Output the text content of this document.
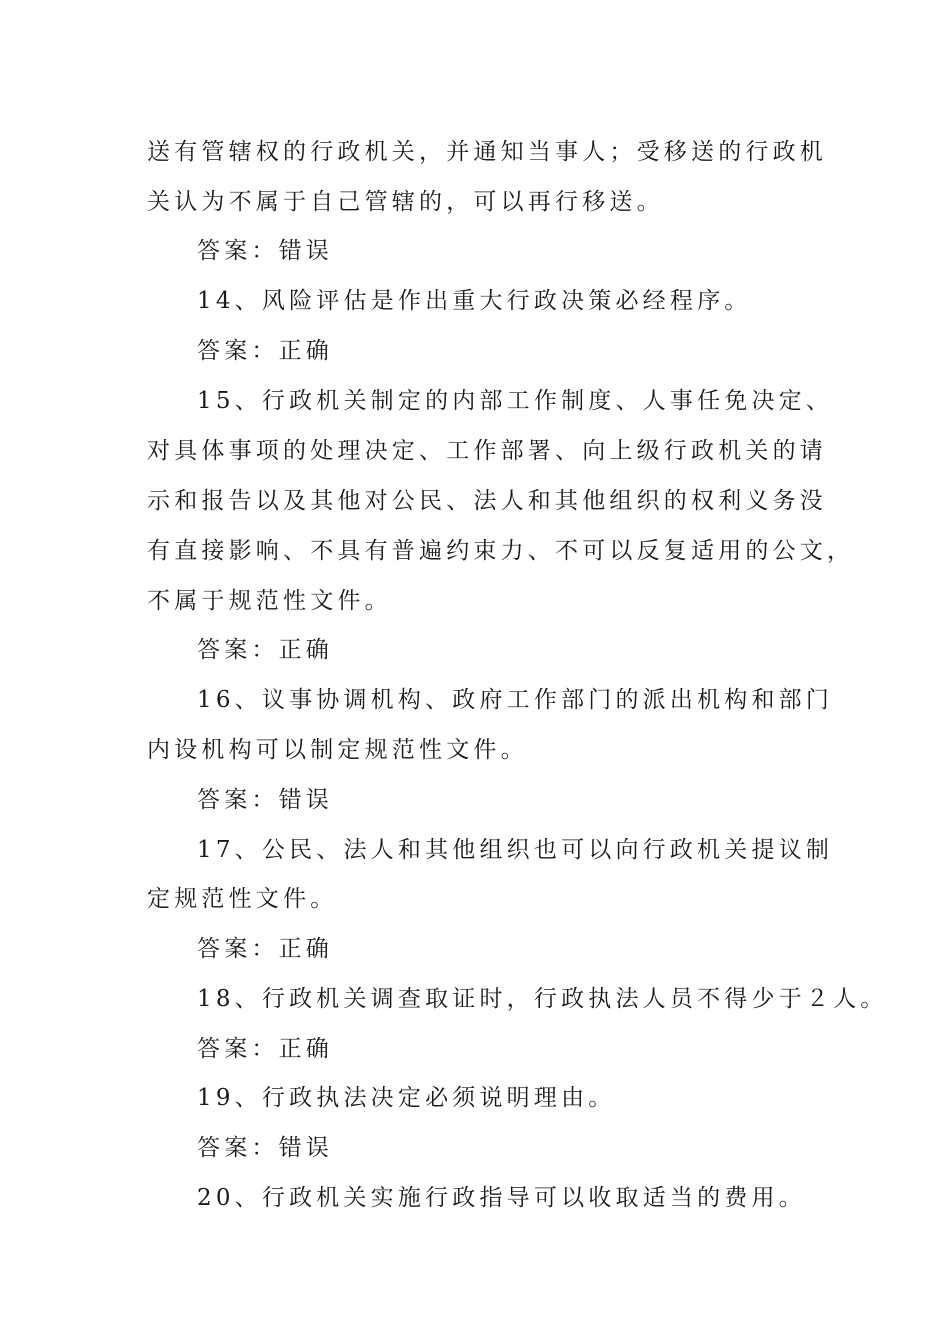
送有管辖权的行政机关，并通知当事人；受移送的行政机
关认为不属于自己管辖的，可以再行移送。
答案：错误
14、风险评估是作出重大行政决策必经程序。
答案：正确
15、行政机关制定的内部工作制度、人事任免决定、
对具体事项的处理决定、工作部署、向上级行政机关的请
示和报告以及其他对公民、法人和其他组织的权利义务没
有直接影响、不具有普遍约束力、不可以反复适用的公文，
不属于规范性文件。
答案：正确
16、议事协调机构、政府工作部门的派出机构和部门
内设机构可以制定规范性文件。
答案：错误
17、公民、法人和其他组织也可以向行政机关提议制
定规范性文件。
答案：正确
18、行政机关调查取证时，行政执法人员不得少于２人。
答案：正确
19、行政执法决定必须说明理由。
答案：错误
20、行政机关实施行政指导可以收取适当的费用。
